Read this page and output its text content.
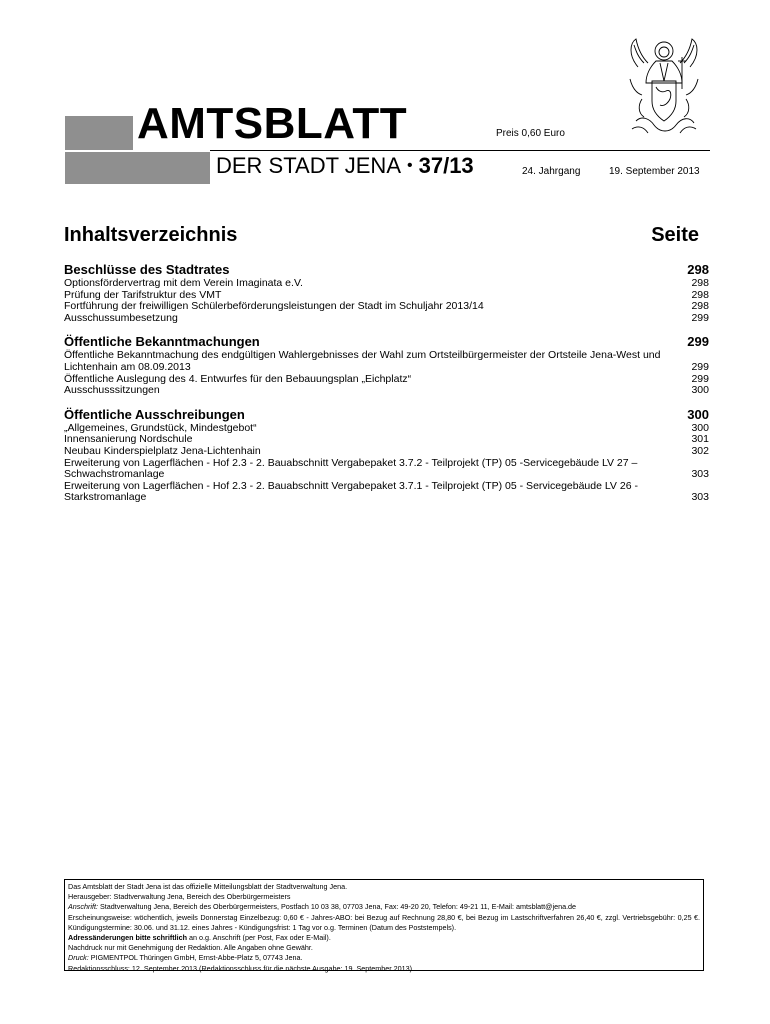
AMTSBLATT	Preis 0,60 Euro
DER STADT JENA • 37/13	24. Jahrgang	19. September 2013
Inhaltsverzeichnis	Seite
Beschlüsse des Stadtrates	298
Optionsfördervertrag mit dem Verein Imaginata e.V.	298
Prüfung der Tarifstruktur des VMT	298
Fortführung der freiwilligen Schülerbeförderungsleistungen der Stadt im Schuljahr 2013/14	298
Ausschussumbesetzung	299
Öffentliche Bekanntmachungen	299
Öffentliche Bekanntmachung des endgültigen Wahlergebnisses der Wahl zum Ortsteilbürgermeister der Ortsteile Jena-West und Lichtenhain am 08.09.2013	299
Öffentliche Auslegung des 4. Entwurfes für den Bebauungsplan „Eichplatz“	299
Ausschusssitzungen	300
Öffentliche Ausschreibungen	300
„Allgemeines, Grundstück, Mindestgebot“	300
Innensanierung Nordschule	301
Neubau Kinderspielplatz Jena-Lichtenhain	302
Erweiterung von Lagerflächen - Hof 2.3 - 2. Bauabschnitt Vergabepaket 3.7.2 - Teilprojekt (TP) 05 -Servicegebäude LV 27 – Schwachstromanlage	303
Erweiterung von Lagerflächen - Hof 2.3 - 2. Bauabschnitt Vergabepaket 3.7.1 - Teilprojekt (TP) 05 - Servicegebäude LV 26 - Starkstromanlage	303

Das Amtsblatt der Stadt Jena ist das offizielle Mitteilungsblatt der Stadtverwaltung Jena.

Herausgeber: Stadtverwaltung Jena, Bereich des Oberbürgermeisters

Anschrift: Stadtverwaltung Jena, Bereich des Oberbürgermeisters, Postfach 10 03 38, 07703 Jena, Fax: 49-20 20, Telefon: 49-21 11, E-Mail: amtsblatt@jena.de

Erscheinungsweise: wöchentlich, jeweils Donnerstag Einzelbezug: 0,60 € - Jahres-ABO: bei Bezug auf Rechnung 28,80 €, bei Bezug im Lastschriftverfahren 26,40 €, zzgl. Vertriebsgebühr: 0,25 €. Kündigungstermine: 30.06. und 31.12. eines Jahres - Kündigungsfrist: 1 Tag vor o.g. Terminen (Datum des Poststempels).

Adressänderungen bitte schriftlich an o.g. Anschrift (per Post, Fax oder E-Mail).

Nachdruck nur mit Genehmigung der Redaktion. Alle Angaben ohne Gewähr.

Druck: PIGMENTPOL Thüringen GmbH, Ernst-Abbe-Platz 5, 07743 Jena.

Redaktionsschluss: 12. September 2013 (Redaktionsschluss für die nächste Ausgabe: 19. September 2013)
